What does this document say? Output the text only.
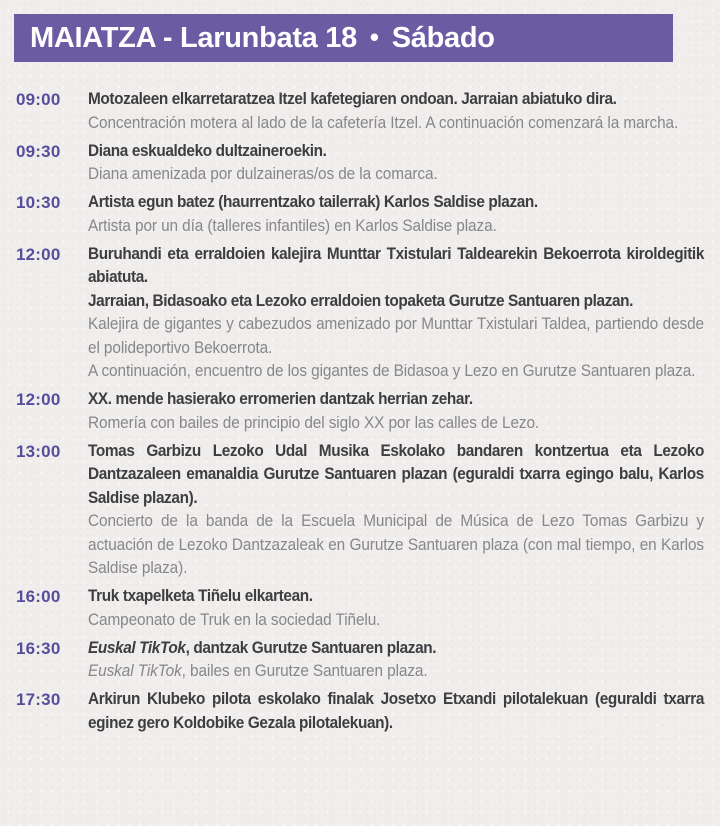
MAIATZA - Larunbata 18 • Sábado
09:00	Motozaleen elkarretaratzea Itzel kafetegiaren ondoan. Jarraian abiatuko dira.

Concentración motera al lado de la cafetería Itzel. A continuación comenzará la marcha.

09:30	Diana eskualdeko dultzaineroekin.

Diana amenizada por dulzaineras/os de la comarca.

10:30	Artista egun batez (haurrentzako tailerrak) Karlos Saldise plazan.

Artista por un día (talleres infantiles) en Karlos Saldise plaza.

12:00	Buruhandi eta erraldoien kalejira Munttar Txistulari Taldearekin Bekoerrota kiroldegitik abiatuta.

Jarraian, Bidasoako eta Lezoko erraldoien topaketa Gurutze Santuaren plazan.

Kalejira de gigantes y cabezudos amenizado por Munttar Txistulari Taldea, partiendo desde el polideportivo Bekoerrota.

A continuación, encuentro de los gigantes de Bidasoa y Lezo en Gurutze Santuaren plaza.

12:00	XX. mende hasierako erromerien dantzak herrian zehar.

Romería con bailes de principio del siglo XX por las calles de Lezo.

13:00	Tomas Garbizu Lezoko Udal Musika Eskolako bandaren kontzertua eta Lezoko Dantzazaleen emanaldia Gurutze Santuaren plazan (eguraldi txarra egingo balu, Karlos Saldise plazan).

Concierto de la banda de la Escuela Municipal de Música de Lezo Tomas Garbizu y actuación de Lezoko Dantzazaleak en Gurutze Santuaren plaza (con mal tiempo, en Karlos Saldise plaza).

16:00	Truk txapelketa Tiñelu elkartean.

Campeonato de Truk en la sociedad Tiñelu.

16:30	Euskal TikTok, dantzak Gurutze Santuaren plazan.

Euskal TikTok, bailes en Gurutze Santuaren plaza.

17:30	Arkirun Klubeko pilota eskolako finalak Josetxo Etxandi pilotalekuan (eguraldi txarra eginez gero Koldobike Gezala pilotalekuan).
